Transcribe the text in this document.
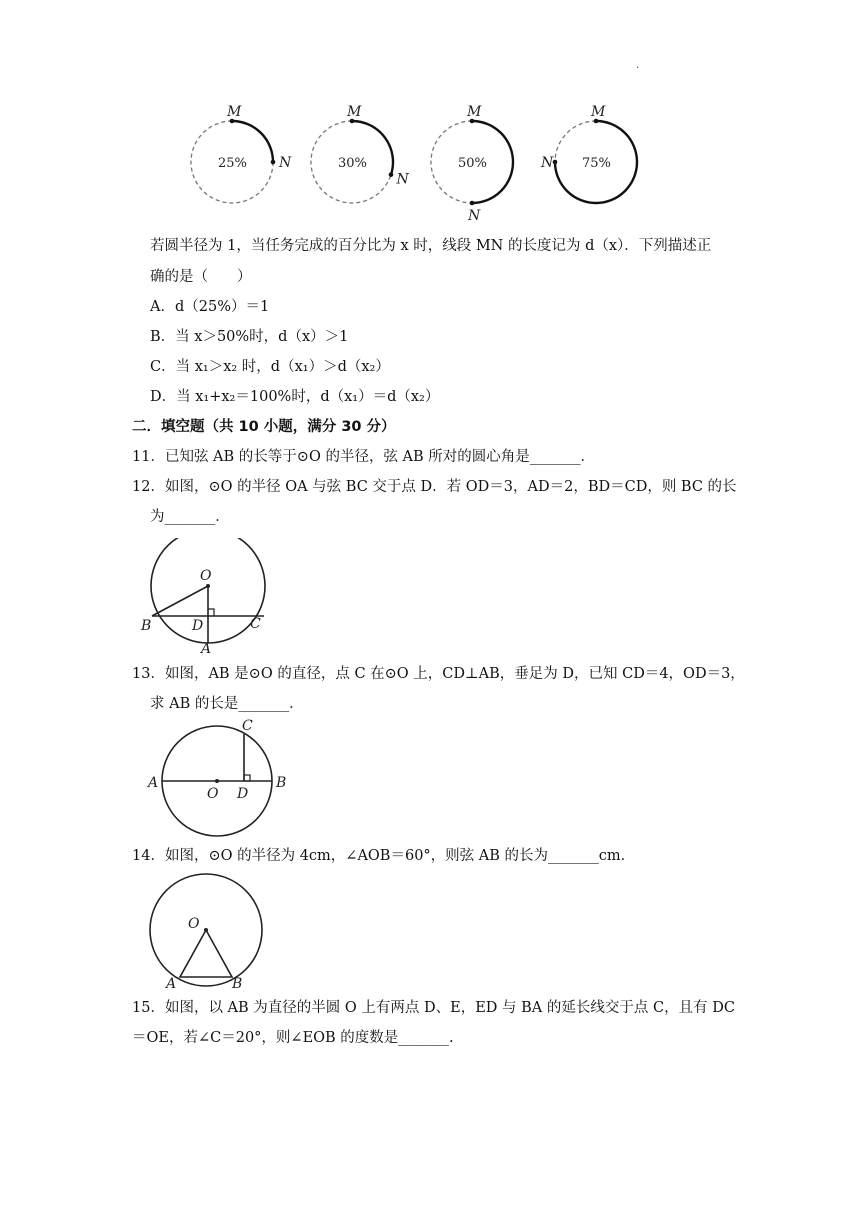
.
M
N
25%
M
N
30%
M
N
50%
M
N 75%
若圆半径为 1，当任务完成的百分比为 x 时，线段 MN 的长度记为 d（x）．下列描述正
确的是（　　）
A．d（25%）＝1
B．当 x＞50%时，d（x）＞1
C．当 x₁＞x₂ 时，d（x₁）＞d（x₂）
D．当 x₁+x₂＝100%时，d（x₁）＝d（x₂）
二．填空题（共 10 小题，满分 30 分）
11．已知弦 AB 的长等于⊙O 的半径，弦 AB 所对的圆心角是_______．
12．如图，⊙O 的半径 OA 与弦 BC 交于点 D．若 OD＝3，AD＝2，BD＝CD，则 BC 的长
为_______．
O
B	D	C
A
13．如图，AB 是⊙O 的直径，点 C 在⊙O 上，CD⊥AB，垂足为 D，已知 CD＝4，OD＝3，
求 AB 的长是_______．
A
O D
B
C
14．如图，⊙O 的半径为 4cm，∠AOB＝60°，则弦 AB 的长为_______cm．
O
A	B
15．如图，以 AB 为直径的半圆 O 上有两点 D、E，ED 与 BA 的延长线交于点 C，且有 DC
＝OE，若∠C＝20°，则∠EOB 的度数是_______.
